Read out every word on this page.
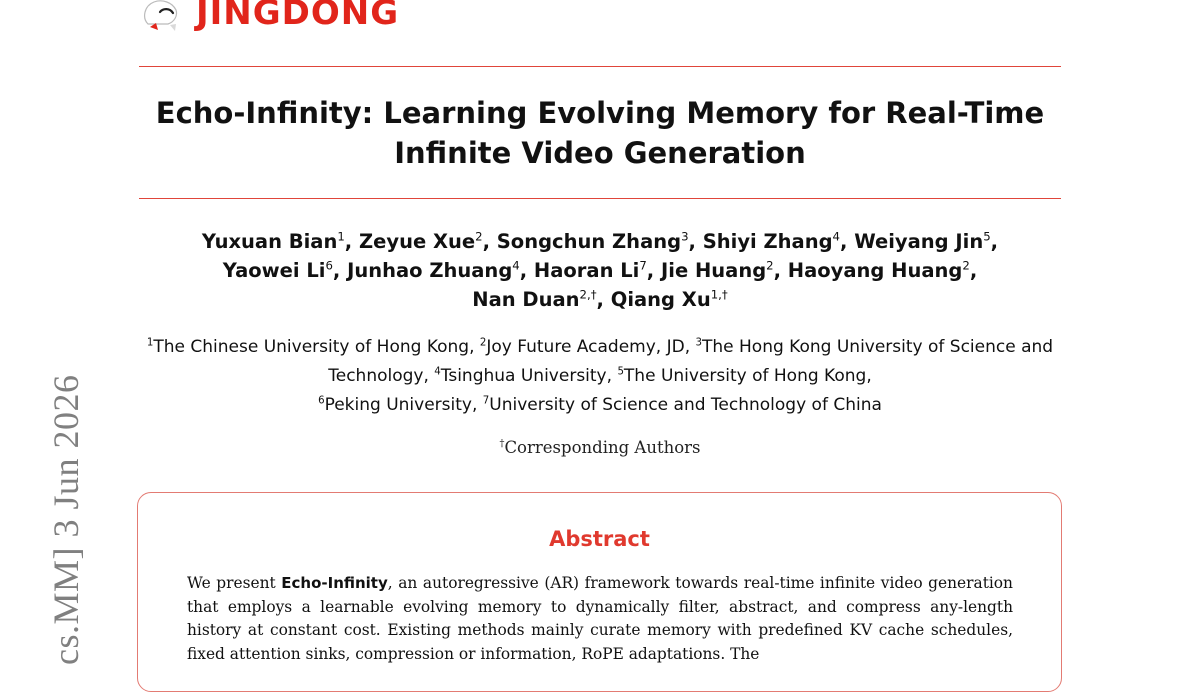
JINGDONG
Echo-Infinity: Learning Evolving Memory for Real-Time
Infinite Video Generation
Yuxuan Bian$^1$, Zeyue Xue$^2$, Songchun Zhang$^3$, Shiyi Zhang$^4$, Weiyang Jin$^5$,
Yaowei Li$^6$, Junhao Zhuang$^4$, Haoran Li$^7$, Jie Huang$^2$, Haoyang Huang$^2$,
Nan Duan$^{2,\dagger}$, Qiang $Xu^{1,\dagger}$
$^1$The Chinese University of Hong Kong, $^2$Joy Future Academy, JD, $^3$The Hong Kong University of Science and Technology, $^4$Tsinghua University, $^5$The University of Hong Kong,
$^6$Peking University, $^7$University of Science and Technology of China
†Corresponding Authors
Abstract

We present Echo-Infinity, an autoregressive (AR) framework towards real-time infinite video generation that employs a learnable evolving memory to dynamically filter, abstract, and compress any-length history at constant cost. Existing methods mainly curate memory with predefined KV cache schedules, fixed attention sinks, compression or information, RoPE adaptations. The

cs.MM] 3 Jun 2026
